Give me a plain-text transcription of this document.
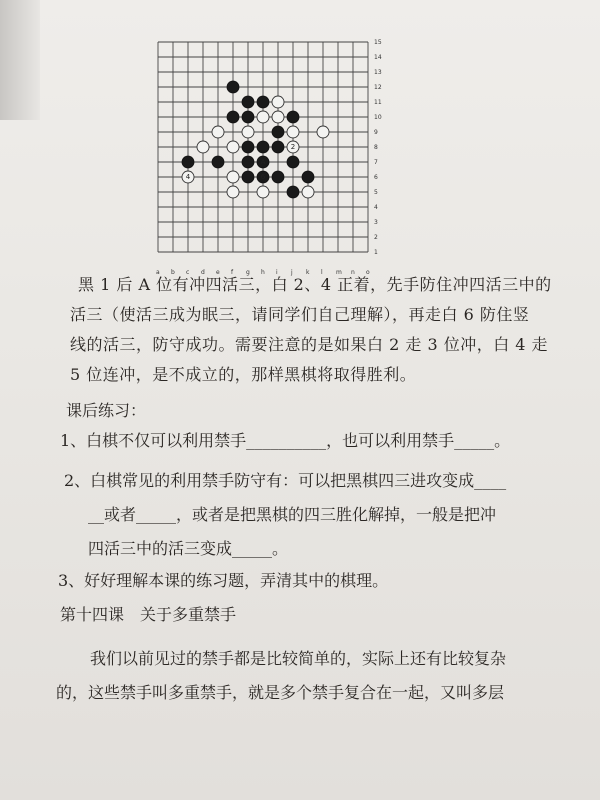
15
14
13
12
11
10
9
8
7
6
5
4
3
2
1
a b c d e f g h i j k l m n o
A
4	6
2
黑 1 后 A 位有冲四活三，白 2、4 正着，先手防住冲四活三中的
活三（使活三成为眠三，请同学们自己理解），再走白 6 防住竖
线的活三，防守成功。需要注意的是如果白 2 走 3 位冲，白 4 走
5 位连冲，是不成立的，那样黑棋将取得胜利。
课后练习：
1、白棋不仅可以利用禁手__________，也可以利用禁手_____。
2、白棋常见的利用禁手防守有：可以把黑棋四三进攻变成____
__或者_____，或者是把黑棋的四三胜化解掉，一般是把冲
四活三中的活三变成_____。
3、好好理解本课的练习题，弄清其中的棋理。
第十四课　关于多重禁手
我们以前见过的禁手都是比较简单的，实际上还有比较复杂
的，这些禁手叫多重禁手，就是多个禁手复合在一起，又叫多层
